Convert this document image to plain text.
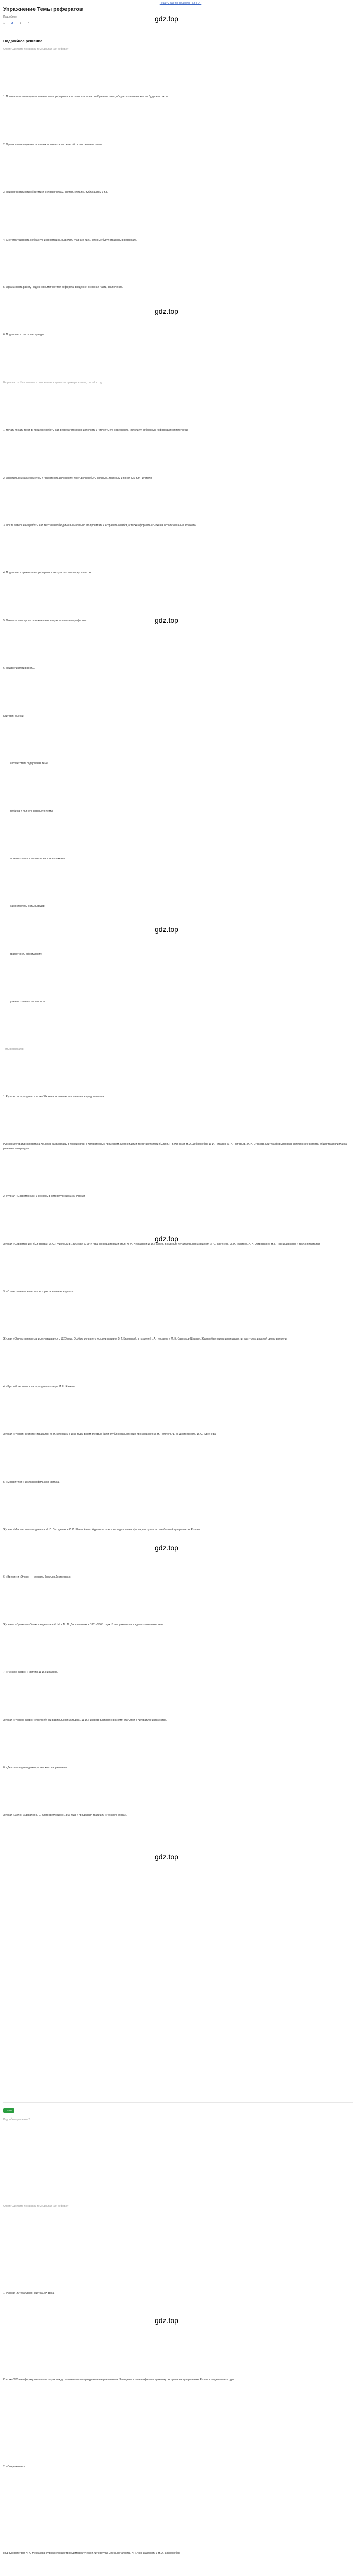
Решить ещё по решению ГДЗ ТОП
Упражнение Темы рефератов
Подробное
1 2 3 4
gdz.top
Подробное решение
Ответ: Сделайте по каждой теме доклад или реферат
1. Проанализировать предложенные темы рефератов или самостоятельно выбранные темы, обсудить основные мысли будущего текста.
2. Организовать изучение основных источников по теме, обо и составление плана.
3. При необходимости обратиться к справочникам, книгам, статьям, публикациям и т.д.
4. Систематизировать собранную информацию, выделить главные идеи, которые будут отражены в реферате.
5. Организовать работу над основными частями реферата: введение, основная часть, заключение.
6. Подготовить список литературы.
Вторая часть: Использовать свои знания и привести примеры из книг, статей и т.д.
1. Начать писать текст. В процессе работы над рефератом можно дополнять и уточнять его содержание, используя собранную информацию и источники.
2. Обратить внимание на стиль и грамотность изложения: текст должен быть связным, логичным и понятным для читателя.
3. После завершения работы над текстом необходимо внимательно его прочитать и исправить ошибки, а также оформить ссылки на использованные источники.
4. Подготовить презентацию реферата и выступить с ним перед классом.
5. Ответить на вопросы одноклассников и учителя по теме реферата.
6. Подвести итоги работы.
Критерии оценки:
соответствие содержания теме;
глубина и полнота раскрытия темы;
логичность и последовательность изложения;
самостоятельность выводов;
грамотность оформления;
умение отвечать на вопросы.
Темы рефератов:
1. Русская литературная критика XIX века: основные направления и представители.
Русская литературная критика XIX века развивалась в тесной связи с литературным процессом. Крупнейшими представителями были В. Г. Белинский, Н. А. Добролюбов, Д. И. Писарев, А. А. Григорьев, Н. Н. Страхов. Критика формировала эстетические взгляды общества и влияла на развитие литературы.
2. Журнал «Современник» и его роль в литературной жизни России.
Журнал «Современник» был основан А. С. Пушкиным в 1836 году. С 1847 года его редакторами стали Н. А. Некрасов и И. И. Панаев. В журнале печатались произведения И. С. Тургенева, Л. Н. Толстого, А. Н. Островского, Н. Г. Чернышевского и других писателей.
3. «Отечественные записки»: история и значение журнала.
Журнал «Отечественные записки» издавался с 1820 года. Особую роль в его истории сыграли В. Г. Белинский, а позднее Н. А. Некрасов и М. Е. Салтыков-Щедрин. Журнал был одним из ведущих литературных изданий своего времени.
4. «Русский вестник» и литературная позиция М. Н. Каткова.
Журнал «Русский вестник» издавался М. Н. Катковым с 1856 года. В нём впервые были опубликованы многие произведения Л. Н. Толстого, Ф. М. Достоевского, И. С. Тургенева.
5. «Москвитянин» и славянофильская критика.
Журнал «Москвитянин» издавался М. П. Погодиным и С. П. Шевырёвым. Журнал отражал взгляды славянофилов, выступал за самобытный путь развития России.
6. «Время» и «Эпоха» — журналы братьев Достоевских.
Журналы «Время» и «Эпоха» издавались Ф. М. и М. М. Достоевскими в 1861–1865 годах. В них развивалась идея «почвенничества».
7. «Русское слово» и критика Д. И. Писарева.
Журнал «Русское слово» стал трибуной радикальной молодежи. Д. И. Писарев выступал с резкими статьями о литературе и искусстве.
8. «Дело» — журнал демократического направления.
Журнал «Дело» издавался Г. Е. Благосветловым с 1866 года и продолжил традиции «Русского слова».
gdz.top
gdz.top
gdz.top
gdz.top
gdz.top
gdz.top
Ответ
Подробное решение 2
Ответ: Сделайте по каждой теме доклад или реферат
1. Русская литературная критика XIX века.
Критика XIX века формировалась в спорах между различными литературными направлениями. Западники и славянофилы по-разному смотрели на путь развития России и задачи литературы.
2. «Современник».
Под руководством Н. А. Некрасова журнал стал центром демократической литературы. Здесь печатались Н. Г. Чернышевский и Н. А. Добролюбов.
gdz.top
